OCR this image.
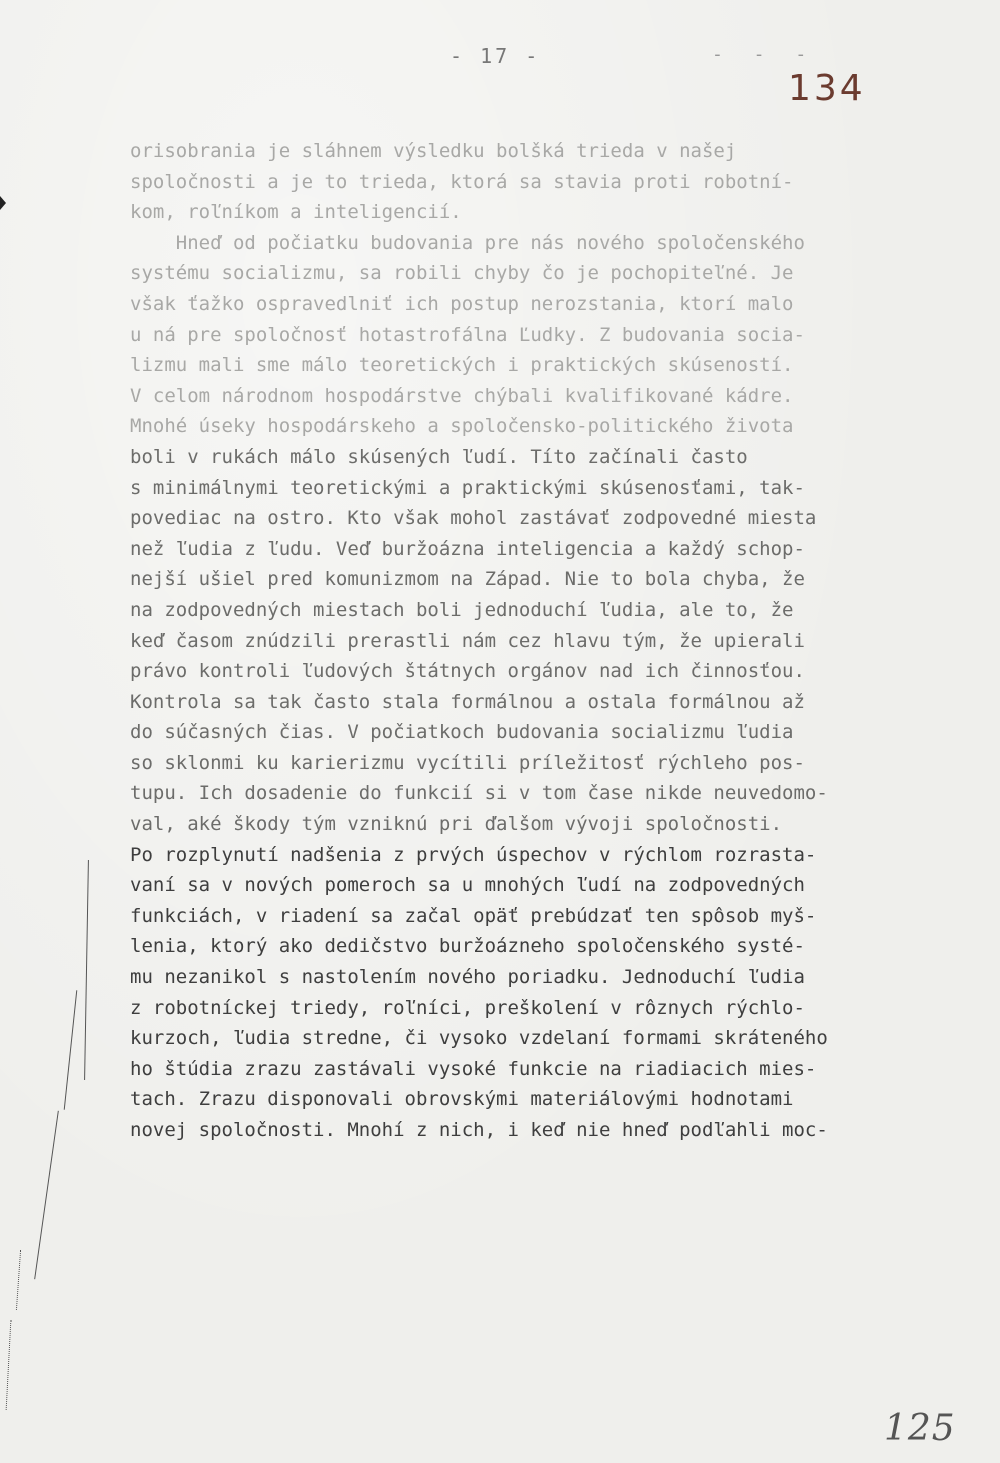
- 17 -	- - -
134
orisobrania je sláhnem výsledku bolšká trieda v našej
spoločnosti a je to trieda, ktorá sa stavia proti robotní-
kom, roľníkom a inteligencií.
Hneď od počiatku budovania pre nás nového spoločenského
systému socializmu, sa robili chyby čo je pochopiteľné. Je
však ťažko ospravedlniť ich postup nerozstania, ktorí malo
u ná pre spoločnosť hotastrofálna Ľudky. Z budovania socia-
lizmu mali sme málo teoretických i praktických skúseností.
V celom národnom hospodárstve chýbali kvalifikované kádre.
Mnohé úseky hospodárskeho a spoločensko-politického života
boli v rukách málo skúsených ľudí. Títo začínali často
s minimálnymi teoretickými a praktickými skúsenosťami, tak-
povediac na ostro. Kto však mohol zastávať zodpovedné miesta
než ľudia z ľudu. Veď buržoázna inteligencia a každý schop-
nejší ušiel pred komunizmom na Západ. Nie to bola chyba, že
na zodpovedných miestach boli jednoduchí ľudia, ale to, že
keď časom znúdzili prerastli nám cez hlavu tým, že upierali
právo kontroli ľudových štátnych orgánov nad ich činnosťou.
Kontrola sa tak často stala formálnou a ostala formálnou až
do súčasných čias. V počiatkoch budovania socializmu ľudia
so sklonmi ku karierizmu vycítili príležitosť rýchleho pos-
tupu. Ich dosadenie do funkcií si v tom čase nikde neuvedomo-
val, aké škody tým vzniknú pri ďalšom vývoji spoločnosti.
Po rozplynutí nadšenia z prvých úspechov v rýchlom rozrasta-
vaní sa v nových pomeroch sa u mnohých ľudí na zodpovedných
funkciách, v riadení sa začal opäť prebúdzať ten spôsob myš-
lenia, ktorý ako dedičstvo buržoázneho spoločenského systé-
mu nezanikol s nastolením nového poriadku. Jednoduchí ľudia
z robotníckej triedy, roľníci, preškolení v rôznych rýchlo-
kurzoch, ľudia stredne, či vysoko vzdelaní formami skráteného
ho štúdia zrazu zastávali vysoké funkcie na riadiacich mies-
tach. Zrazu disponovali obrovskými materiálovými hodnotami
novej spoločnosti. Mnohí z nich, i keď nie hneď podľahli moc-
125
